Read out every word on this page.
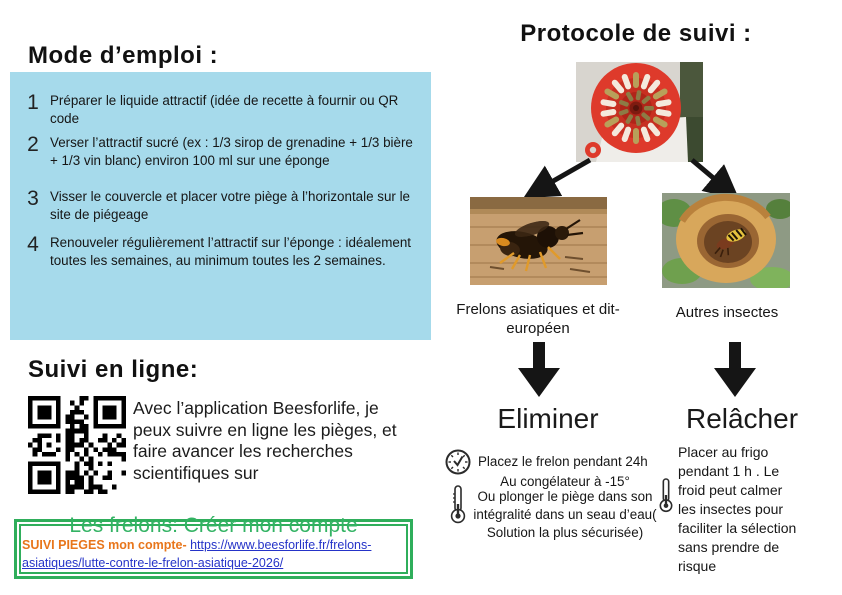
Mode d’emploi :
1 Préparer le liquide attractif (idée de recette à fournir ou QR code
2 Verser l’attractif sucré (ex : 1/3 sirop de grenadine + 1/3 bière + 1/3 vin blanc) environ 100 ml sur une éponge
3 Visser le couvercle et placer votre piège à l’horizontale sur le site de piégeage
4 Renouveler régulièrement l’attractif sur l’éponge : idéalement toutes les semaines, au minimum toutes les 2 semaines.
Suivi en ligne:
Avec l’application Beesforlife, je peux suivre en ligne les pièges, et faire avancer les recherches scientifiques sur
Les frelons: Créer mon compte
SUIVI PIEGES mon compte- https://www.beesforlife.fr/frelons-asiatiques/lutte-contre-le-frelon-asiatique-2026/
Protocole de suivi :
Frelons asiatiques et dit-européen
Autres insectes
Eliminer	Relâcher
Placez le frelon pendant 24h
Au congélateur à -15°
Ou plonger le piège dans son intégralité dans un seau d’eau( Solution la plus sécurisée)
Placer au frigo pendant 1 h . Le froid peut calmer les insectes pour faciliter la sélection sans prendre de risque
